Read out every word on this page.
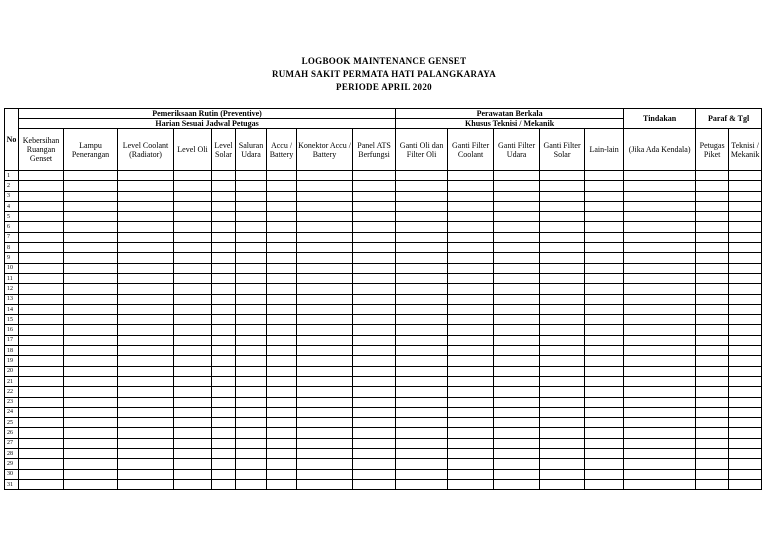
LOGBOOK MAINTENANCE GENSET
RUMAH SAKIT PERMATA HATI PALANGKARAYA
PERIODE APRIL 2020
No	Pemeriksaan Rutin (Preventive)									Perawatan Berkala					Tindakan	Paraf & Tgl	
	Harian Sesuai Jadwal Petugas									Khusus Teknisi / Mekanik							
	Kebersihan Ruangan Genset	Lampu Penerangan	Level Coolant (Radiator)	Level Oli	Level Solar	Saluran Udara	Accu / Battery	Konektor Accu / Battery	Panel ATS Berfungsi	Ganti Oli dan Filter Oli	Ganti Filter Coolant	Ganti Filter Udara	Ganti Filter Solar	Lain-lain	(Jika Ada Kendala)	Petugas Piket	Teknisi / Mekanik
1																	
2																	
3																	
4																	
5																	
6																	
7																	
8																	
9																	
10																	
11																	
12																	
13																	
14																	
15																	
16																	
17																	
18																	
19																	
20																	
21																	
22																	
23																	
24																	
25																	
26																	
27																	
28																	
29																	
30																	
31																	
